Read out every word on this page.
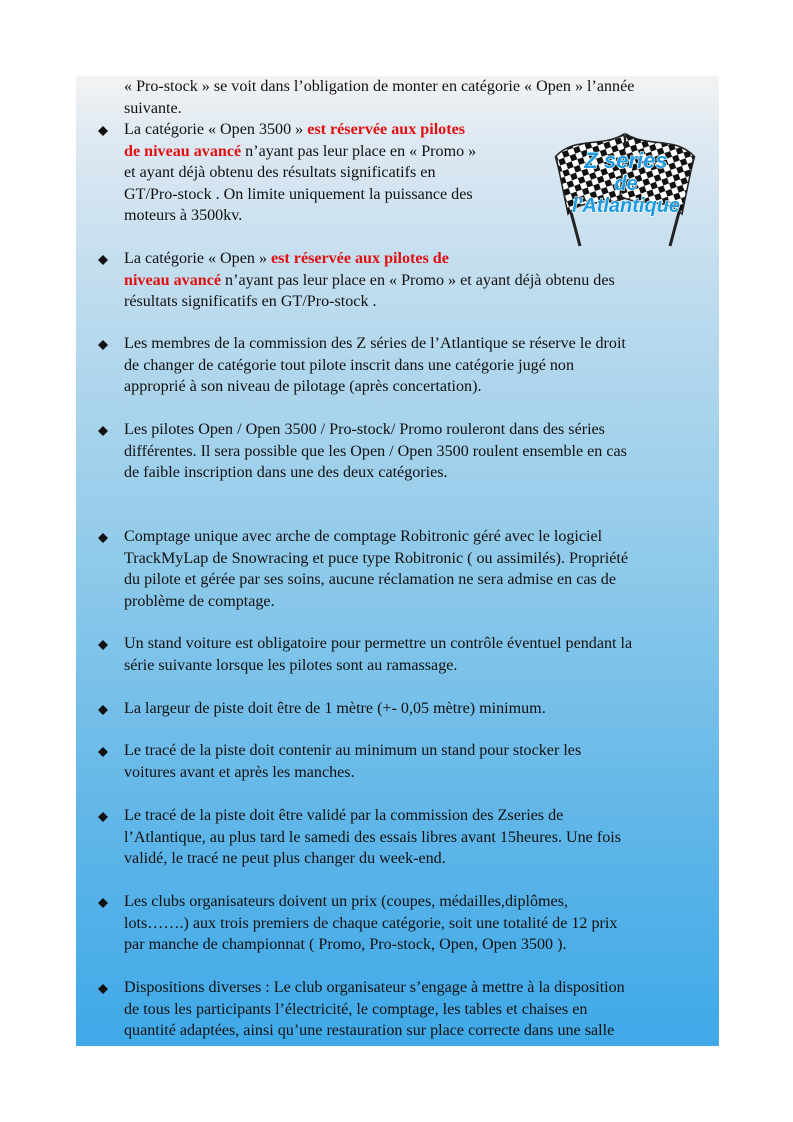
Z series
de
l'Atlantique
« Pro-stock » se voit dans l’obligation de monter en catégorie « Open » l’année
suivante.
La catégorie « Open 3500 » est réservée aux pilotes
de niveau avancé n’ayant pas leur place en « Promo »
et ayant déjà obtenu des résultats significatifs en
GT/Pro-stock . On limite uniquement la puissance des
moteurs à 3500kv.
La catégorie « Open » est réservée aux pilotes de
niveau avancé n’ayant pas leur place en « Promo » et ayant déjà obtenu des
résultats significatifs en GT/Pro-stock .
Les membres de la commission des Z séries de l’Atlantique se réserve le droit
de changer de catégorie tout pilote inscrit dans une catégorie jugé non
approprié à son niveau de pilotage (après concertation).
Les pilotes Open / Open 3500 / Pro-stock/ Promo rouleront dans des séries
différentes. Il sera possible que les Open / Open 3500 roulent ensemble en cas
de faible inscription dans une des deux catégories.
Comptage unique avec arche de comptage Robitronic géré avec le logiciel
TrackMyLap de Snowracing et puce type Robitronic ( ou assimilés). Propriété
du pilote et gérée par ses soins, aucune réclamation ne sera admise en cas de
problème de comptage.
Un stand voiture est obligatoire pour permettre un contrôle éventuel pendant la
série suivante lorsque les pilotes sont au ramassage.
La largeur de piste doit être de 1 mètre (+- 0,05 mètre) minimum.
Le tracé de la piste doit contenir au minimum un stand pour stocker les
voitures avant et après les manches.
Le tracé de la piste doit être validé par la commission des Zseries de
l’Atlantique, au plus tard le samedi des essais libres avant 15heures. Une fois
validé, le tracé ne peut plus changer du week-end.
Les clubs organisateurs doivent un prix (coupes, médailles,diplômes,
lots…….) aux trois premiers de chaque catégorie, soit une totalité de 12 prix
par manche de championnat ( Promo, Pro-stock, Open, Open 3500 ).
Dispositions diverses : Le club organisateur s’engage à mettre à la disposition
de tous les participants l’électricité, le comptage, les tables et chaises en
quantité adaptées, ainsi qu’une restauration sur place correcte dans une salle
